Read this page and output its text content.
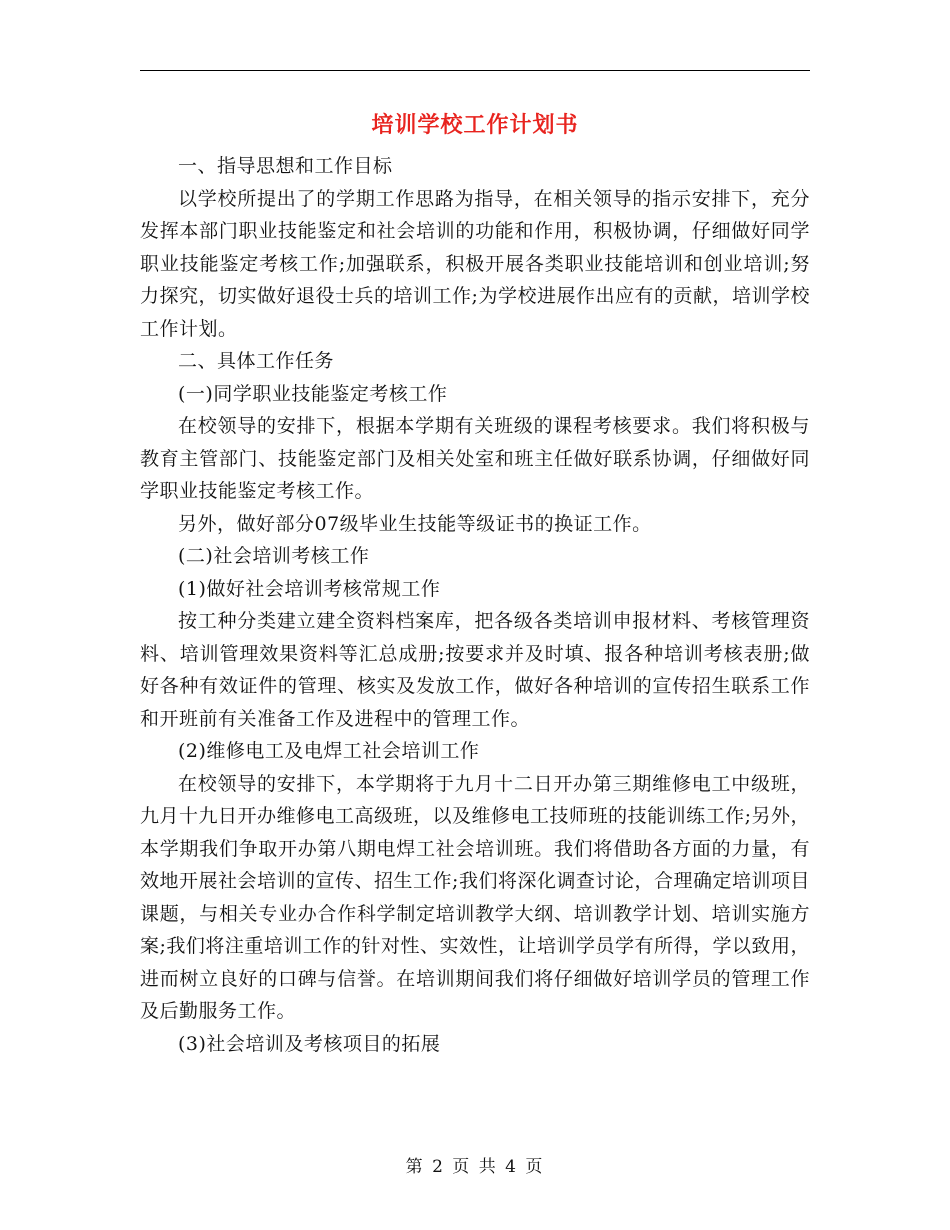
培训学校工作计划书

一、指导思想和工作目标

以学校所提出了的学期工作思路为指导，在相关领导的指示安排下，充分发挥本部门职业技能鉴定和社会培训的功能和作用，积极协调，仔细做好同学职业技能鉴定考核工作;加强联系，积极开展各类职业技能培训和创业培训;努力探究，切实做好退役士兵的培训工作;为学校进展作出应有的贡献，培训学校工作计划。

二、具体工作任务

(一)同学职业技能鉴定考核工作

在校领导的安排下，根据本学期有关班级的课程考核要求。我们将积极与教育主管部门、技能鉴定部门及相关处室和班主任做好联系协调，仔细做好同学职业技能鉴定考核工作。

另外，做好部分07级毕业生技能等级证书的换证工作。

(二)社会培训考核工作

(1)做好社会培训考核常规工作

按工种分类建立建全资料档案库，把各级各类培训申报材料、考核管理资料、培训管理效果资料等汇总成册;按要求并及时填、报各种培训考核表册;做好各种有效证件的管理、核实及发放工作，做好各种培训的宣传招生联系工作和开班前有关准备工作及进程中的管理工作。

(2)维修电工及电焊工社会培训工作

在校领导的安排下，本学期将于九月十二日开办第三期维修电工中级班，九月十九日开办维修电工高级班，以及维修电工技师班的技能训练工作;另外，本学期我们争取开办第八期电焊工社会培训班。我们将借助各方面的力量，有效地开展社会培训的宣传、招生工作;我们将深化调查讨论，合理确定培训项目课题，与相关专业办合作科学制定培训教学大纲、培训教学计划、培训实施方案;我们将注重培训工作的针对性、实效性，让培训学员学有所得，学以致用，进而树立良好的口碑与信誉。在培训期间我们将仔细做好培训学员的管理工作及后勤服务工作。

(3)社会培训及考核项目的拓展

第 2 页 共 4 页
